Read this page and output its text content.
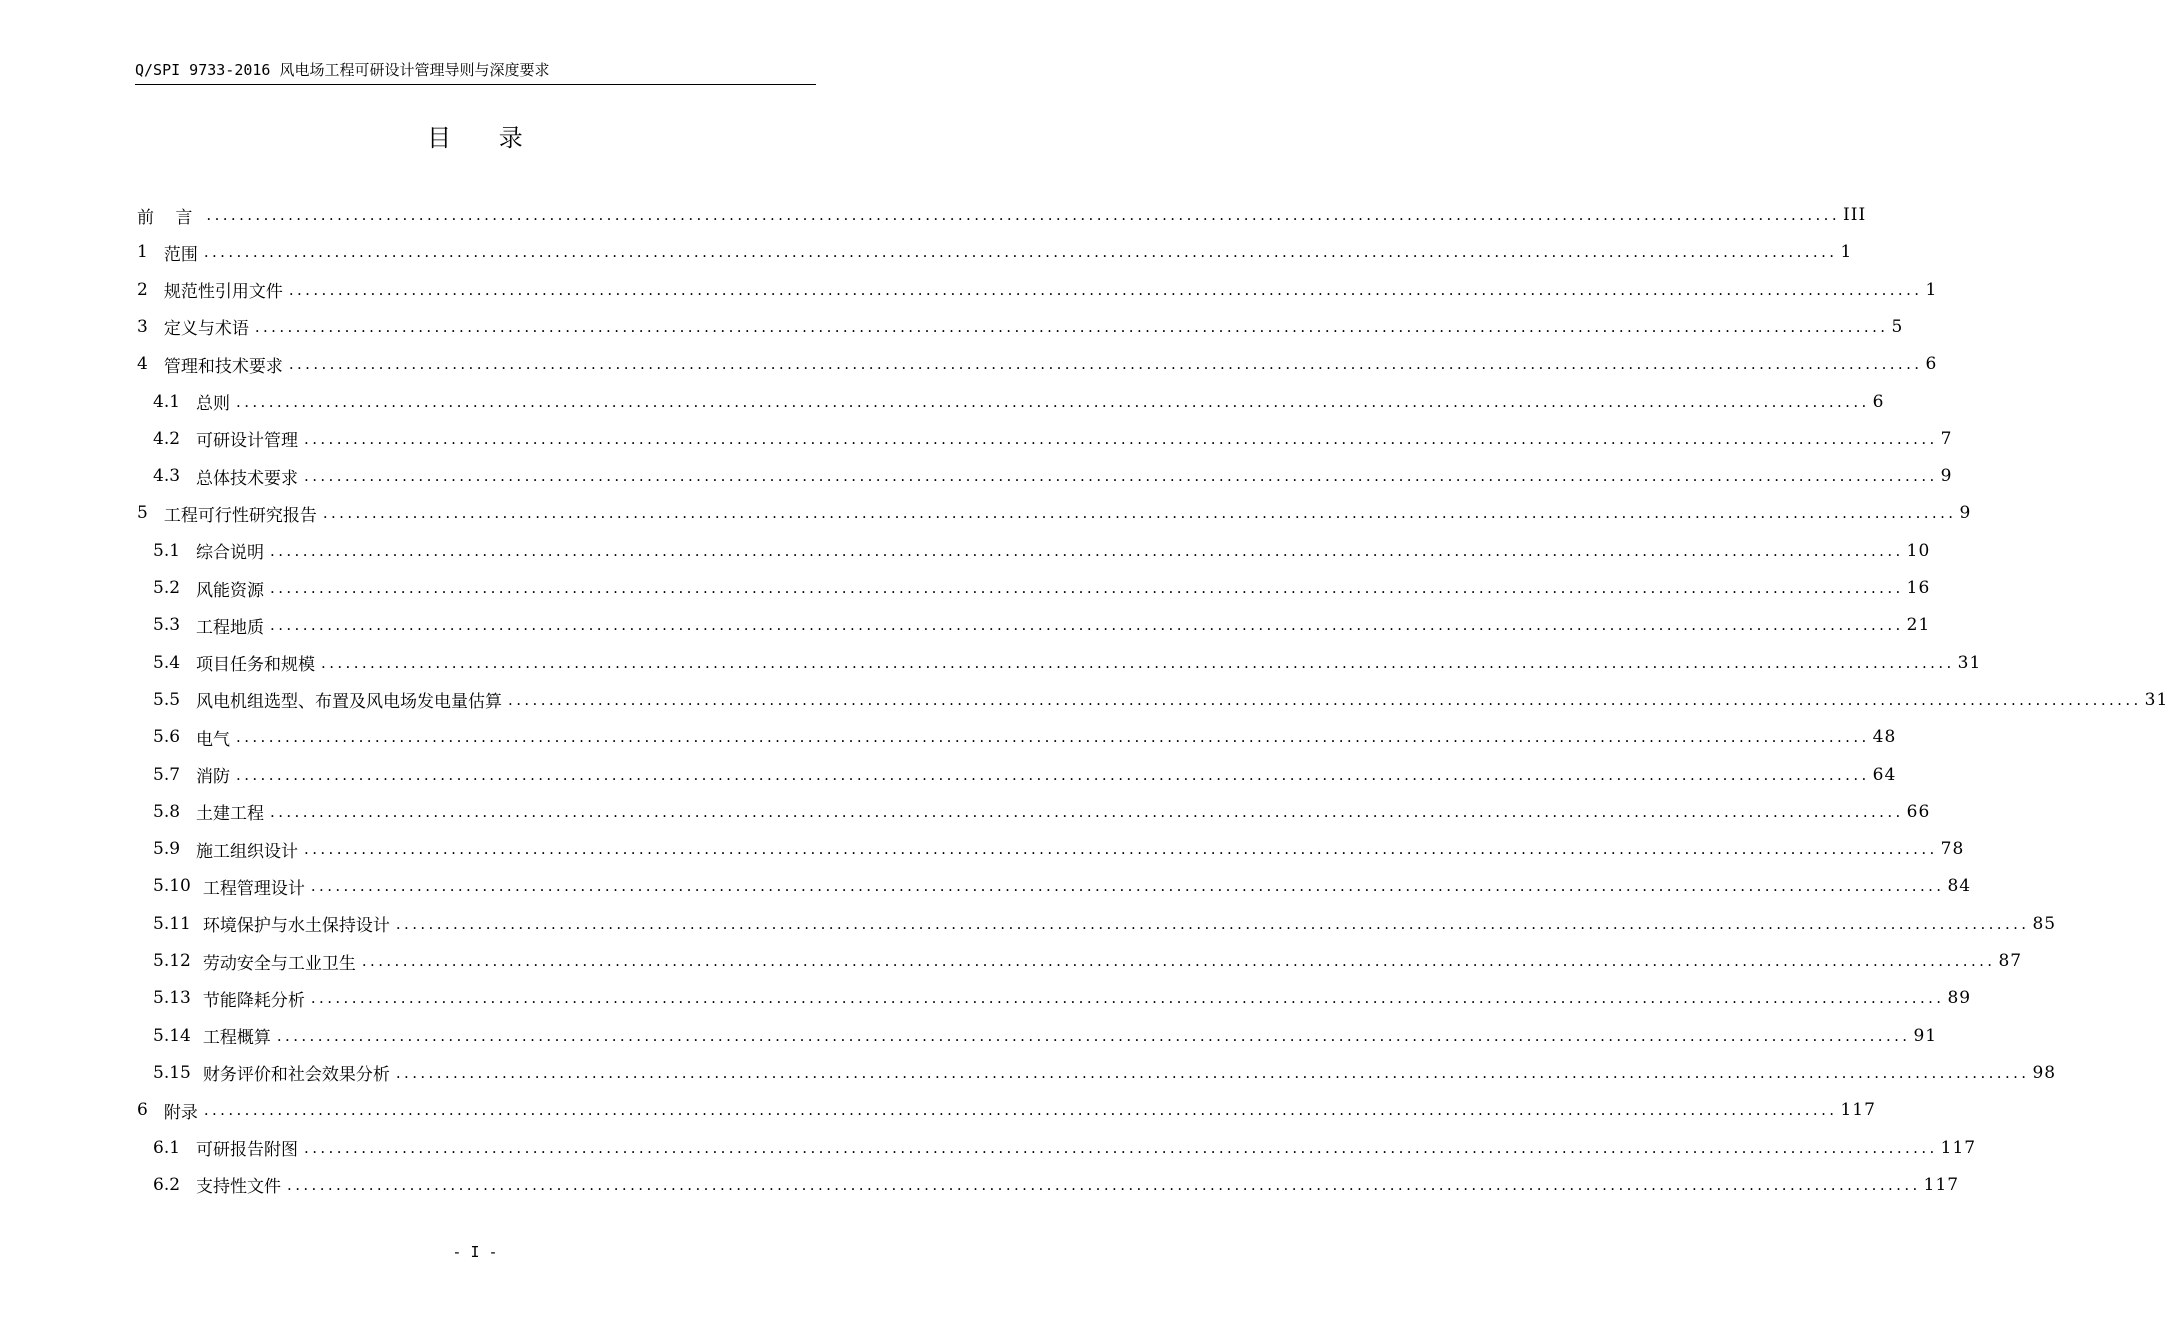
Q/SPI 9733-2016 风电场工程可研设计管理导则与深度要求
目 录
前 言 ........................................................................................................................................................................................................ III
1 范围 ........................................................................................................................................................................................................ 1
2 规范性引用文件 ........................................................................................................................................................................................................ 1
3 定义与术语 ........................................................................................................................................................................................................ 5
4 管理和技术要求 ........................................................................................................................................................................................................ 6
4.1 总则 ........................................................................................................................................................................................................ 6
4.2 可研设计管理 ........................................................................................................................................................................................................ 7
4.3 总体技术要求 ........................................................................................................................................................................................................ 9
5 工程可行性研究报告 ........................................................................................................................................................................................................ 9
5.1 综合说明 ........................................................................................................................................................................................................ 10
5.2 风能资源 ........................................................................................................................................................................................................ 16
5.3 工程地质 ........................................................................................................................................................................................................ 21
5.4 项目任务和规模 ........................................................................................................................................................................................................ 31
5.5 风电机组选型、布置及风电场发电量估算 ........................................................................................................................................................................................................ 31
5.6 电气 ........................................................................................................................................................................................................ 48
5.7 消防 ........................................................................................................................................................................................................ 64
5.8 土建工程 ........................................................................................................................................................................................................ 66
5.9 施工组织设计 ........................................................................................................................................................................................................ 78
5.10 工程管理设计 ........................................................................................................................................................................................................ 84
5.11 环境保护与水土保持设计 ........................................................................................................................................................................................................ 85
5.12 劳动安全与工业卫生 ........................................................................................................................................................................................................ 87
5.13 节能降耗分析 ........................................................................................................................................................................................................ 89
5.14 工程概算 ........................................................................................................................................................................................................ 91
5.15 财务评价和社会效果分析 ........................................................................................................................................................................................................ 98
6 附录 ........................................................................................................................................................................................................ 117
6.1 可研报告附图 ........................................................................................................................................................................................................ 117
6.2 支持性文件 ........................................................................................................................................................................................................ 117
- I -
